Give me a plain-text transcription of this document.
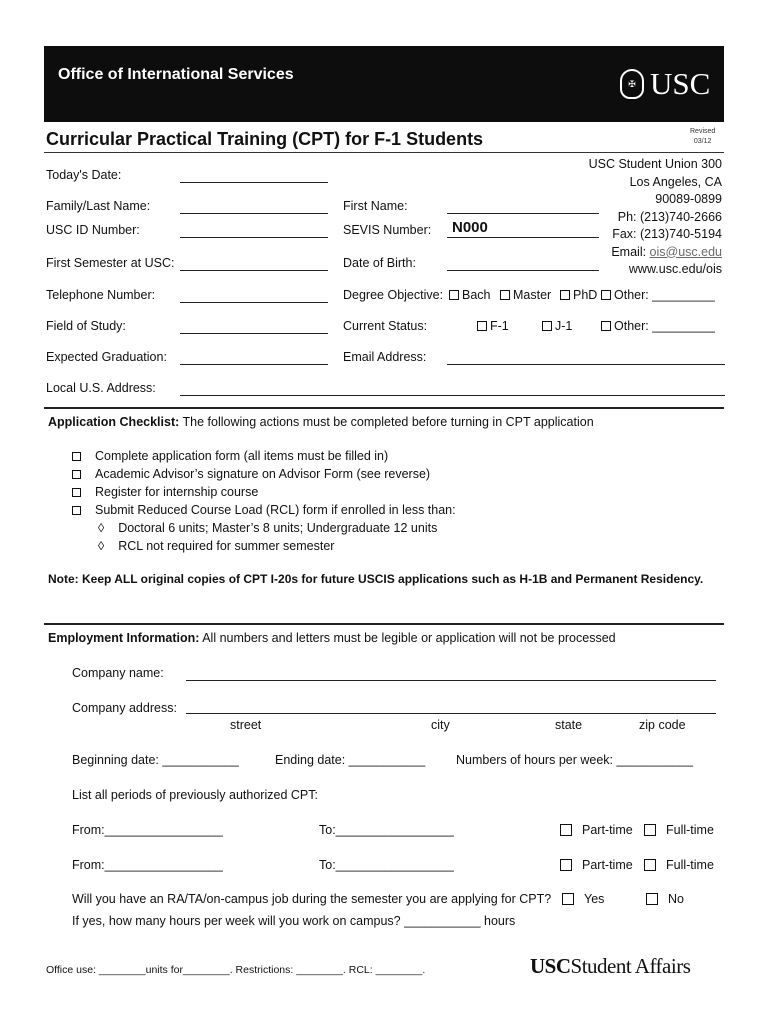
Office of International Services
✠ USC
Curricular Practical Training (CPT) for F-1 Students	Revised
03/12
USC Student Union 300
Los Angeles, CA
90089-0899
Ph: (213)740-2666
Fax: (213)740-5194
Email: ois@usc.edu
www.usc.edu/ois
Today's Date:
Family/Last Name:	First Name:
USC ID Number:	SEVIS Number: N000
First Semester at USC:	Date of Birth:
Telephone Number:	Degree Objective: Bach Master PhD Other: _________
Field of Study:	Current Status:	F-1	J-1	Other: _________
Expected Graduation:	Email Address:
Local U.S. Address:
Application Checklist: The following actions must be completed before turning in CPT application
Complete application form (all items must be filled in)
Academic Advisor’s signature on Advisor Form (see reverse)
Register for internship course
Submit Reduced Course Load (RCL) form if enrolled in less than:
◊ Doctoral 6 units; Master’s 8 units; Undergraduate 12 units
◊ RCL not required for summer semester
Note: Keep ALL original copies of CPT I-20s for future USCIS applications such as H-1B and Permanent Residency.
Employment Information: All numbers and letters must be legible or application will not be processed
Company name:
Company address:
street	city	state	zip code
Beginning date: ___________	Ending date: ___________ Numbers of hours per week: ___________
List all periods of previously authorized CPT:
From:_________________	To:_________________	Part-time	Full-time
From:_________________	To:_________________	Part-time	Full-time
Will you have an RA/TA/on-campus job during the semester you are applying for CPT?	Yes	No
If yes, how many hours per week will you work on campus? ___________ hours
Office use: ________units for________. Restrictions: ________. RCL: ________.	USCStudent Affairs
